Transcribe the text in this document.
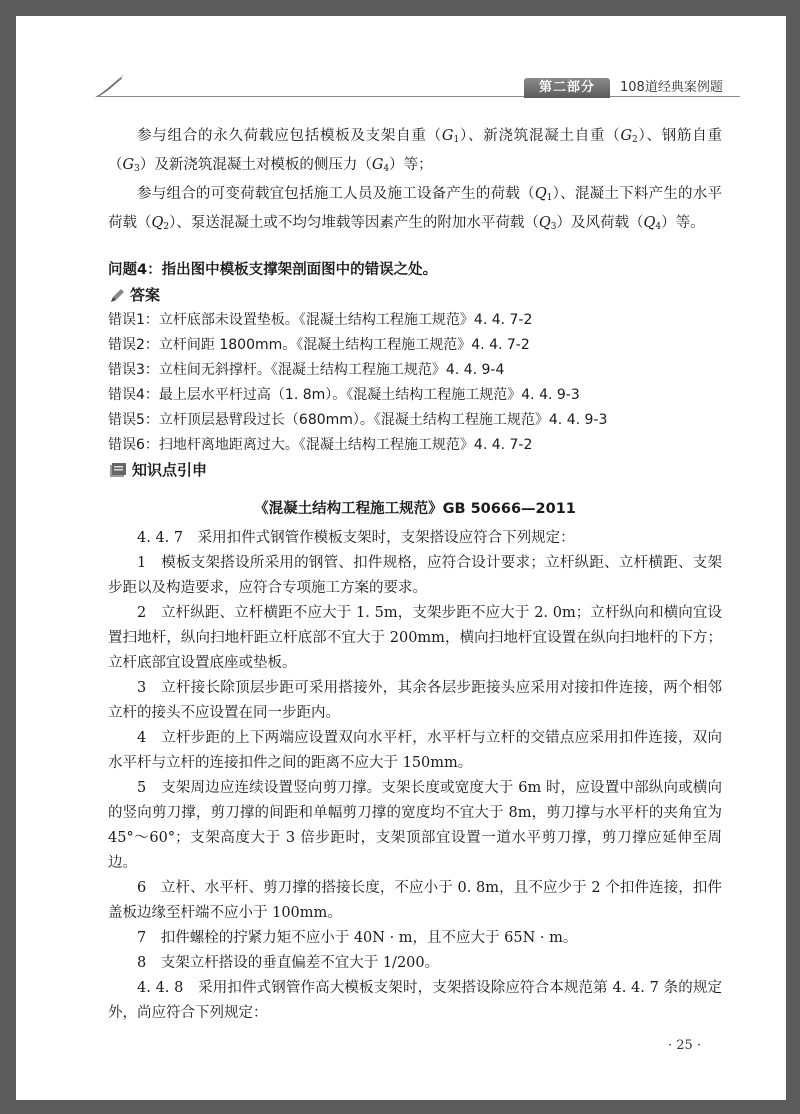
第二部分	108道经典案例题

参与组合的永久荷载应包括模板及支架自重$(G_1)$、新浇筑混凝土自重$(G_2)$、钢筋自重$(G_3)$及新浇筑混凝土对模板的侧压力$(G_4)$等；

参与组合的可变荷载宜包括施工人员及施工设备产生的荷载$(Q_1)$、混凝土下料产生的水平荷载$(Q_2)$、泵送混凝土或不均匀堆载等因素产生的附加水平荷载$(Q_3)$及风荷载$(Q_4)$等。

问题4：指出图中模板支撑架剖面图中的错误之处。
答案
错误1：立杆底部未设置垫板。《混凝土结构工程施工规范》4. 4. 7-2
错误2：立杆间距 1800mm。《混凝土结构工程施工规范》4. 4. 7-2
错误3：立柱间无斜撑杆。《混凝土结构工程施工规范》4. 4. 9-4
错误4：最上层水平杆过高（1. 8m）。《混凝土结构工程施工规范》4. 4. 9-3
错误5：立杆顶层悬臂段过长（680mm）。《混凝土结构工程施工规范》4. 4. 9-3
错误6：扫地杆离地距离过大。《混凝土结构工程施工规范》4. 4. 7-2
知识点引申
《混凝土结构工程施工规范》GB 50666—2011

4. 4. 7　采用扣件式钢管作模板支架时，支架搭设应符合下列规定：

1　模板支架搭设所采用的钢管、扣件规格，应符合设计要求；立杆纵距、立杆横距、支架步距以及构造要求，应符合专项施工方案的要求。

2　立杆纵距、立杆横距不应大于 1. 5m，支架步距不应大于 2. 0m；立杆纵向和横向宜设置扫地杆，纵向扫地杆距立杆底部不宜大于 200mm，横向扫地杆宜设置在纵向扫地杆的下方；立杆底部宜设置底座或垫板。

3　立杆接长除顶层步距可采用搭接外，其余各层步距接头应采用对接扣件连接，两个相邻立杆的接头不应设置在同一步距内。

4　立杆步距的上下两端应设置双向水平杆，水平杆与立杆的交错点应采用扣件连接，双向水平杆与立杆的连接扣件之间的距离不应大于 150mm。

5　支架周边应连续设置竖向剪刀撑。支架长度或宽度大于 6m 时，应设置中部纵向或横向的竖向剪刀撑，剪刀撑的间距和单幅剪刀撑的宽度均不宜大于 8m，剪刀撑与水平杆的夹角宜为 45°～60°；支架高度大于 3 倍步距时，支架顶部宜设置一道水平剪刀撑，剪刀撑应延伸至周边。

6　立杆、水平杆、剪刀撑的搭接长度，不应小于 0. 8m，且不应少于 2 个扣件连接，扣件盖板边缘至杆端不应小于 100mm。

7　扣件螺栓的拧紧力矩不应小于 40N · m，且不应大于 65N · m。

8　支架立杆搭设的垂直偏差不宜大于 1/200。

4. 4. 8　采用扣件式钢管作高大模板支架时，支架搭设除应符合本规范第 4. 4. 7 条的规定外，尚应符合下列规定：

· 25 ·
